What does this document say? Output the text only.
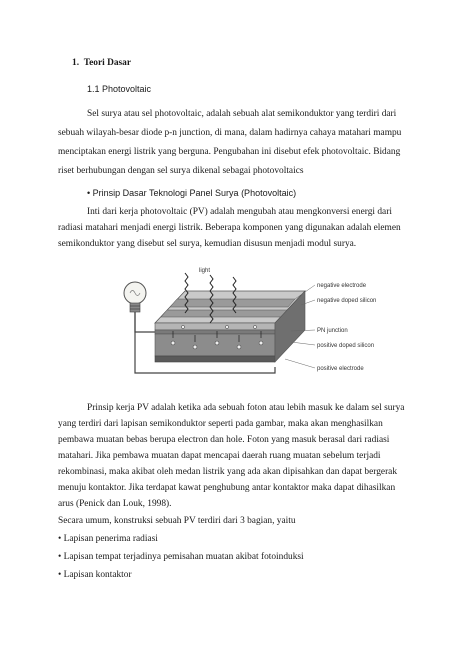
1. Teori Dasar
1.1 Photovoltaic
Sel surya atau sel photovoltaic, adalah sebuah alat semikonduktor yang terdiri dari
sebuah wilayah-besar diode p-n junction, di mana, dalam hadirnya cahaya matahari mampu
menciptakan energi listrik yang berguna. Pengubahan ini disebut efek photovoltaic. Bidang
riset berhubungan dengan sel surya dikenal sebagai photovoltaics
• Prinsip Dasar Teknologi Panel Surya (Photovoltaic)
Inti dari kerja photovoltaic (PV) adalah mengubah atau mengkonversi energi dari
radiasi matahari menjadi energi listrik. Beberapa komponen yang digunakan adalah elemen
semikonduktor yang disebut sel surya, kemudian disusun menjadi modul surya.
light
negative electrode
negative doped silicon
PN junction
positive doped silicon
positive electrode
Prinsip kerja PV adalah ketika ada sebuah foton atau lebih masuk ke dalam sel surya
yang terdiri dari lapisan semikonduktor seperti pada gambar, maka akan menghasilkan
pembawa muatan bebas berupa electron dan hole. Foton yang masuk berasal dari radiasi
matahari. Jika pembawa muatan dapat mencapai daerah ruang muatan sebelum terjadi
rekombinasi, maka akibat oleh medan listrik yang ada akan dipisahkan dan dapat bergerak
menuju kontaktor. Jika terdapat kawat penghubung antar kontaktor maka dapat dihasilkan
arus (Penick dan Louk, 1998).
Secara umum, konstruksi sebuah PV terdiri dari 3 bagian, yaitu
• Lapisan penerima radiasi
• Lapisan tempat terjadinya pemisahan muatan akibat fotoinduksi
• Lapisan kontaktor
